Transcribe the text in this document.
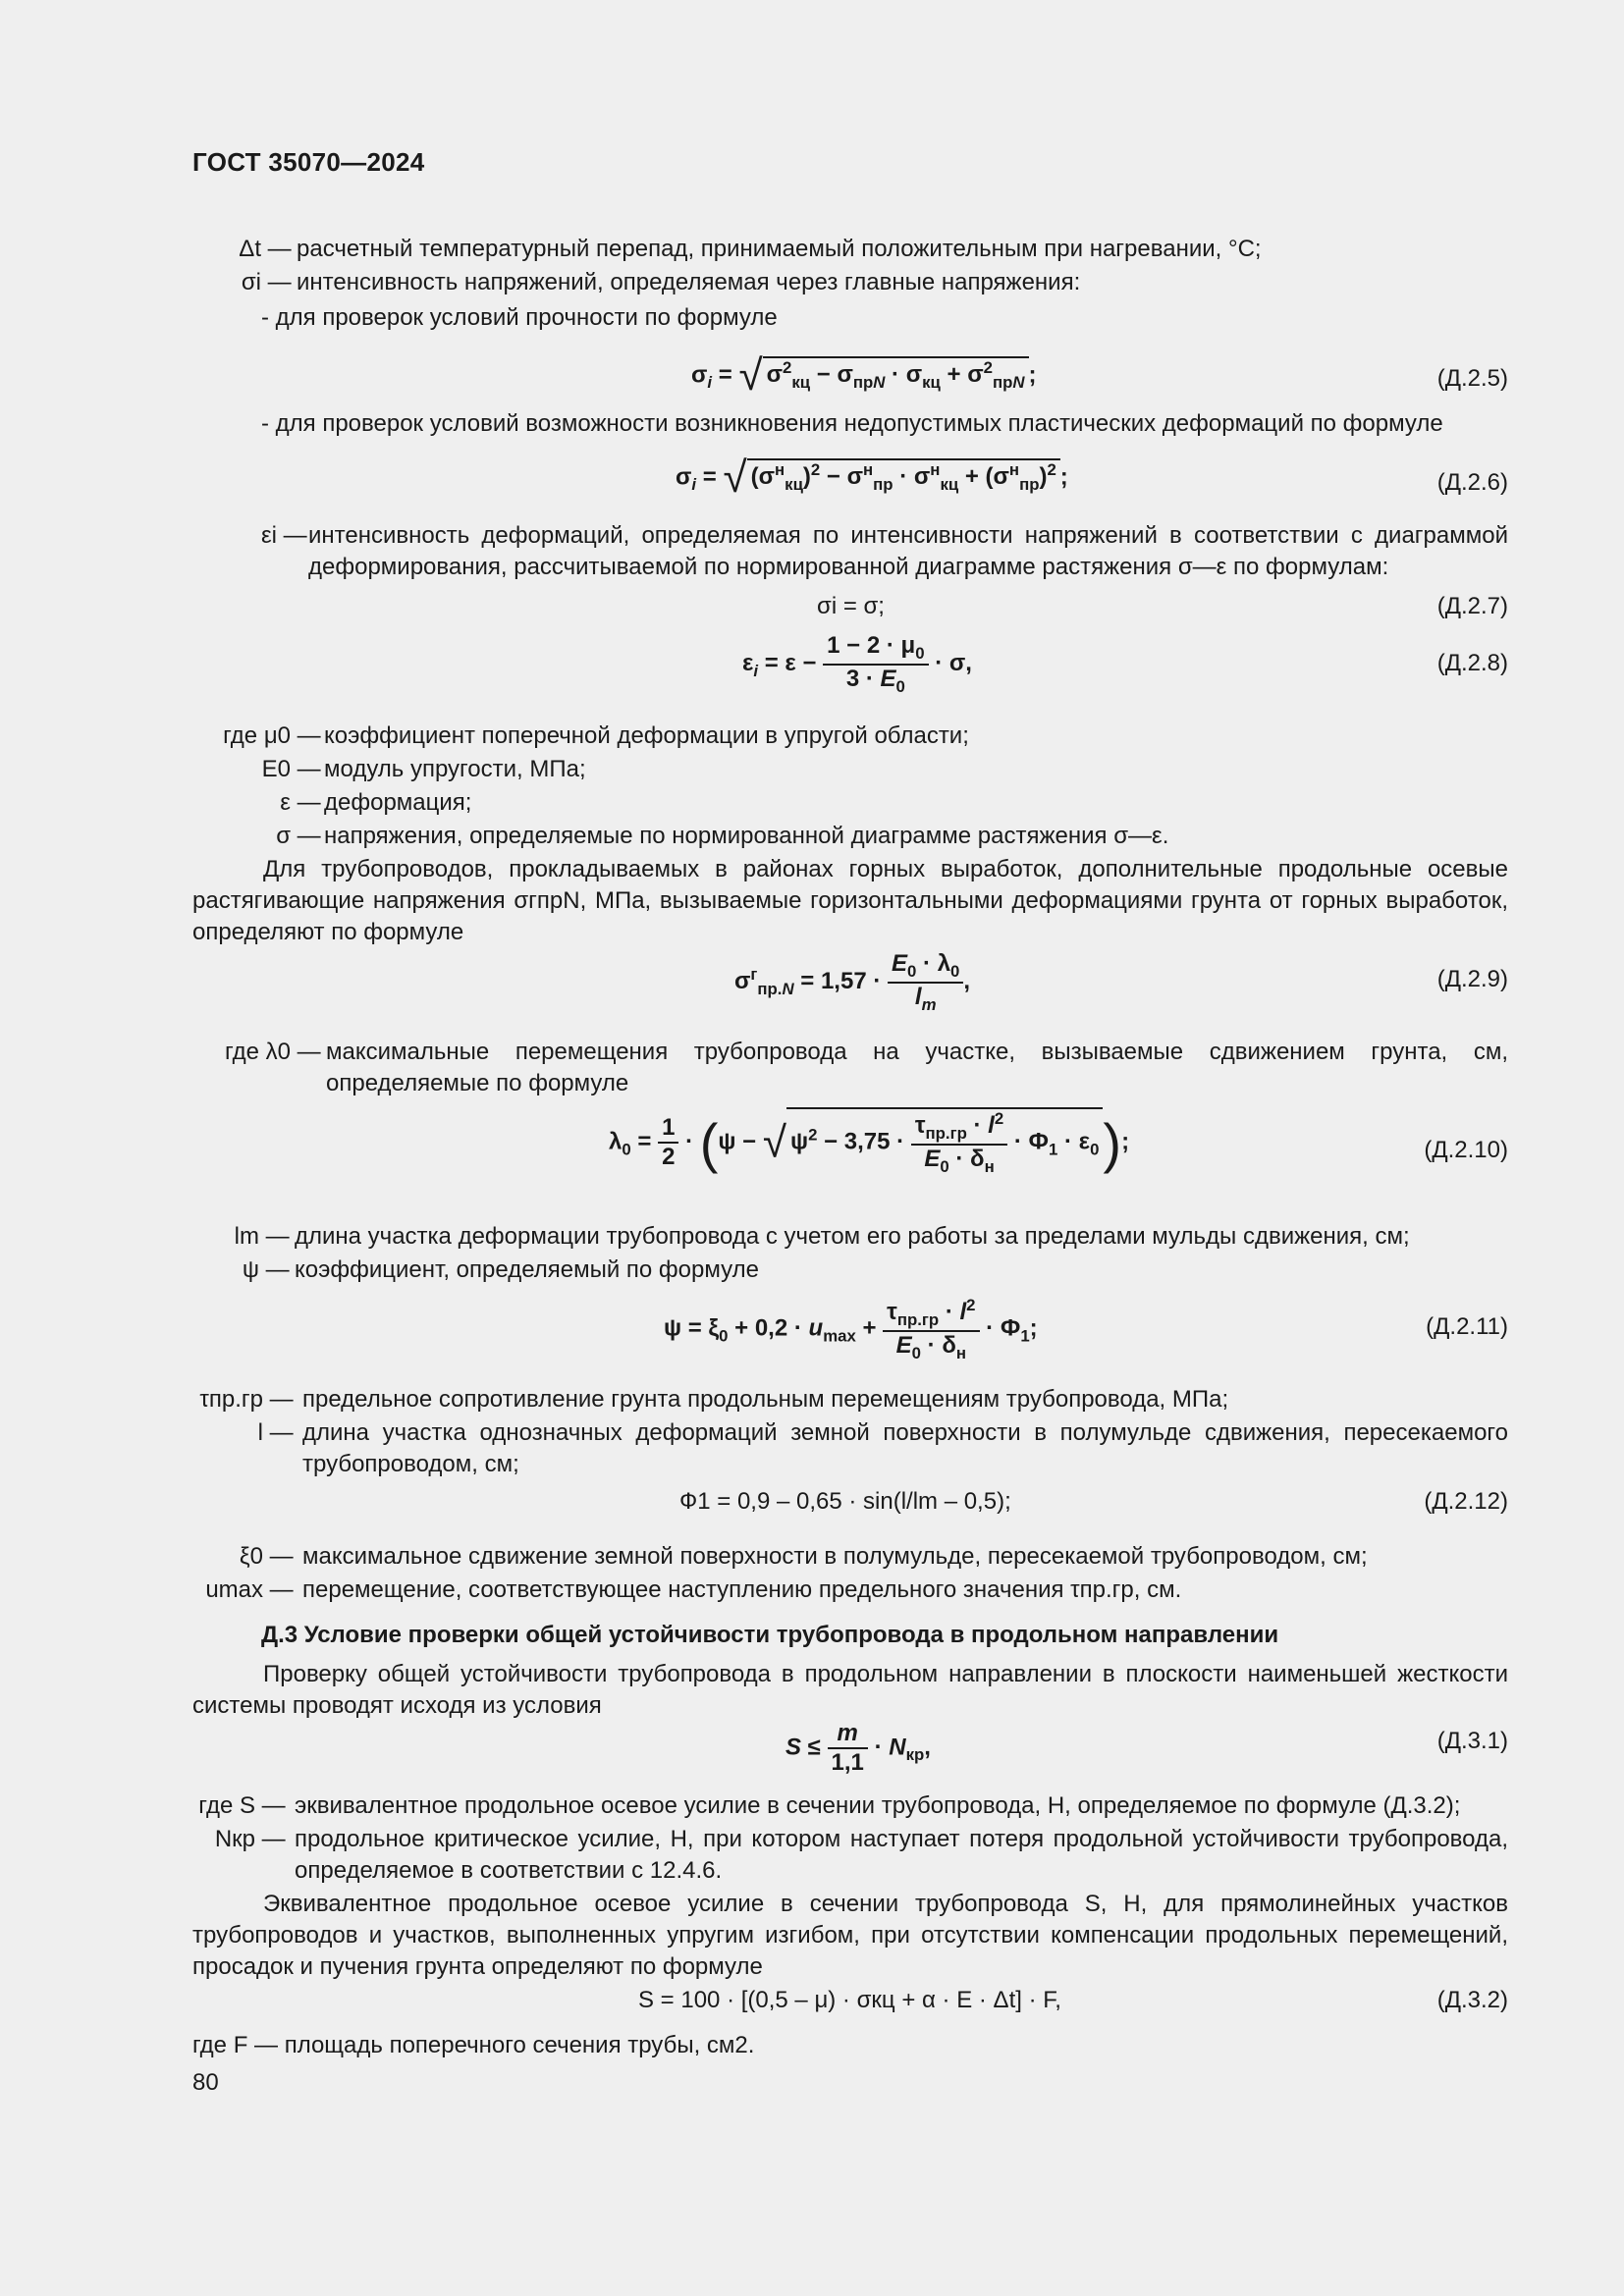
ГОСТ 35070—2024
Δt —
расчетный температурный перепад, принимаемый положительным при нагревании, °С;
σi —
интенсивность напряжений, определяемая через главные напряжения:
- для проверок условий прочности по формуле
$\sigma_i$ = √ $\sigma^2_{кц} - \sigma_{прN} \cdot \sigma_{кц} + \sigma^2_{прN}$ ;	(Д.2.5)
- для проверок условий возможности возникновения недопустимых пластических деформаций по формуле
$\sigma_i$ = √ $(\sigma^н_{кц})^2 - \sigma^н_{пр} \cdot \sigma^н_{кц} + (\sigma^н_{пр})^2$ ;	(Д.2.6)
εi —
интенсивность деформаций, определяемая по интенсивности напряжений в соответствии с диаграммой деформирования, рассчитываемой по нормированной диаграмме растяжения σ—ε по формулам:
σi = σ;	(Д.2.7)
$\varepsilon_i = \varepsilon - \frac{1 - 2 \cdot \mu_0}{3 \cdot E_0} \cdot \sigma$,	(Д.2.8)
где μ0 —
коэффициент поперечной деформации в упругой области;
E0 —
модуль упругости, МПа;
ε —
деформация;
σ —
напряжения, определяемые по нормированной диаграмме растяжения σ—ε.
Для трубопроводов, прокладываемых в районах горных выработок, дополнительные продольные осевые растягивающие напряжения σгпрN, МПа, вызываемые горизонтальными деформациями грунта от горных выработок, определяют по формуле
$\sigma^г_{пр.N} = 1,57 \cdot \frac{E_0 \cdot \lambda_0}{l_m}$ ,	(Д.2.9)
где λ0 —
максимальные перемещения трубопровода на участке, вызываемые сдвижением грунта, см, определяемые по формуле
$\lambda_0 = \frac{1}{2} \cdot (\psi$ − √ $\psi^2 - 3,75 \cdot \frac{\tau_{пр.гр} \cdot l^2}{E_0 \cdot \delta_н} \cdot Ф_1 \cdot \varepsilon_0$);	(Д.2.10)
lm —
длина участка деформации трубопровода с учетом его работы за пределами мульды сдвижения, см;
ψ —
коэффициент, определяемый по формуле
$\psi = \xi_0 + 0,2 \cdot u_{max} + \frac{\tau_{пр.гр} \cdot l^2}{E_0 \cdot \delta_н} \cdot Ф_1$;	(Д.2.11)
τпр.гр — предельное сопротивление грунта продольным перемещениям трубопровода, МПа;
l — длина участка однозначных деформаций земной поверхности в полумульде сдвижения, пересекаемого трубопроводом, см;
Ф1 = 0,9 – 0,65 · sin(l/lm – 0,5);	(Д.2.12)
ξ0 — максимальное сдвижение земной поверхности в полумульде, пересекаемой трубопроводом, см;
umax — перемещение, соответствующее наступлению предельного значения τпр.гр, см.
Д.3 Условие проверки общей устойчивости трубопровода в продольном направлении
Проверку общей устойчивости трубопровода в продольном направлении в плоскости наименьшей жесткости системы проводят исходя из условия
$S \le \frac{m}{1,1} \cdot N_{кр}$,	(Д.3.1)
где S — эквивалентное продольное осевое усилие в сечении трубопровода, Н, определяемое по формуле (Д.3.2);
Nкр — продольное критическое усилие, Н, при котором наступает потеря продольной устойчивости трубопровода, определяемое в соответствии с 12.4.6.
Эквивалентное продольное осевое усилие в сечении трубопровода S, Н, для прямолинейных участков трубопроводов и участков, выполненных упругим изгибом, при отсутствии компенсации продольных перемещений, просадок и пучения грунта определяют по формуле
S = 100 · [(0,5 – μ) · σкц + α · E · Δt] · F,	(Д.3.2)
где F — площадь поперечного сечения трубы, см2.
80
